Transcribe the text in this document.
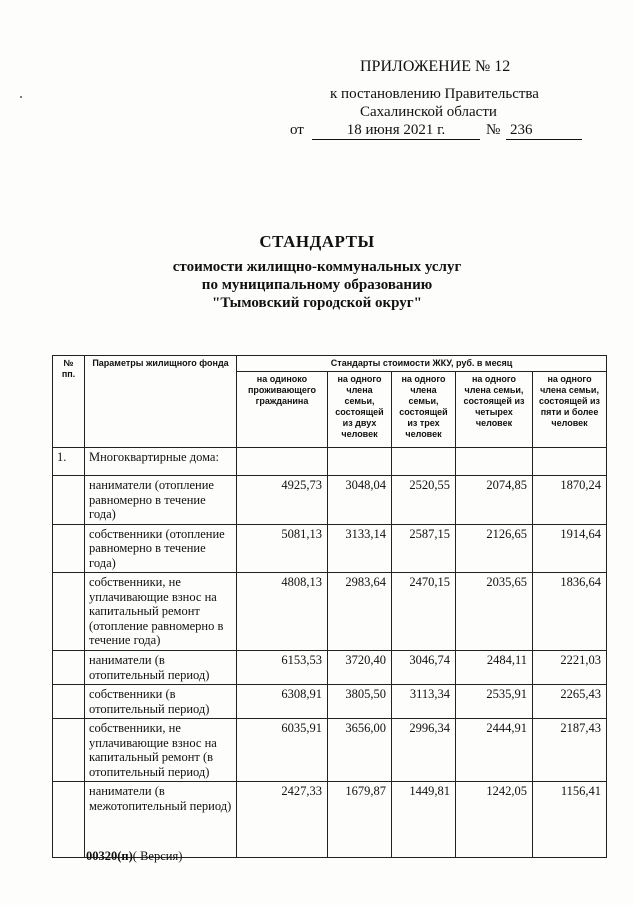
ПРИЛОЖЕНИЕ № 12
к постановлению Правительства
Сахалинской области
от	18 июня 2021 г.	№ 236
СТАНДАРТЫ
стоимости жилищно-коммунальных услуг
по муниципальному образованию
"Тымовский городской округ"
№ пп.	Параметры жилищного фонда	Стандарты стоимости ЖКУ, руб. в месяц				
		на одиноко проживающего гражданина	на одного члена семьи, состоящей из двух человек	на одного члена семьи, состоящей из трех человек	на одного члена семьи, состоящей из четырех человек	на одного члена семьи, состоящей из пяти и более человек
1.	Многоквартирные дома:					
	наниматели (отопление равномерно в течение года)	4925,73	3048,04	2520,55	2074,85	1870,24
	собственники (отопление равномерно в течение года)	5081,13	3133,14	2587,15	2126,65	1914,64
	собственники, не уплачивающие взнос на капитальный ремонт (отопление равномерно в течение года)	4808,13	2983,64	2470,15	2035,65	1836,64
	наниматели (в отопительный период)	6153,53	3720,40	3046,74	2484,11	2221,03
	собственники (в отопительный период)	6308,91	3805,50	3113,34	2535,91	2265,43
	собственники, не уплачивающие взнос на капитальный ремонт (в отопительный период)	6035,91	3656,00	2996,34	2444,91	2187,43
	наниматели (в межотопительный период)	2427,33	1679,87	1449,81	1242,05	1156,41
00320(п)( Версия)
